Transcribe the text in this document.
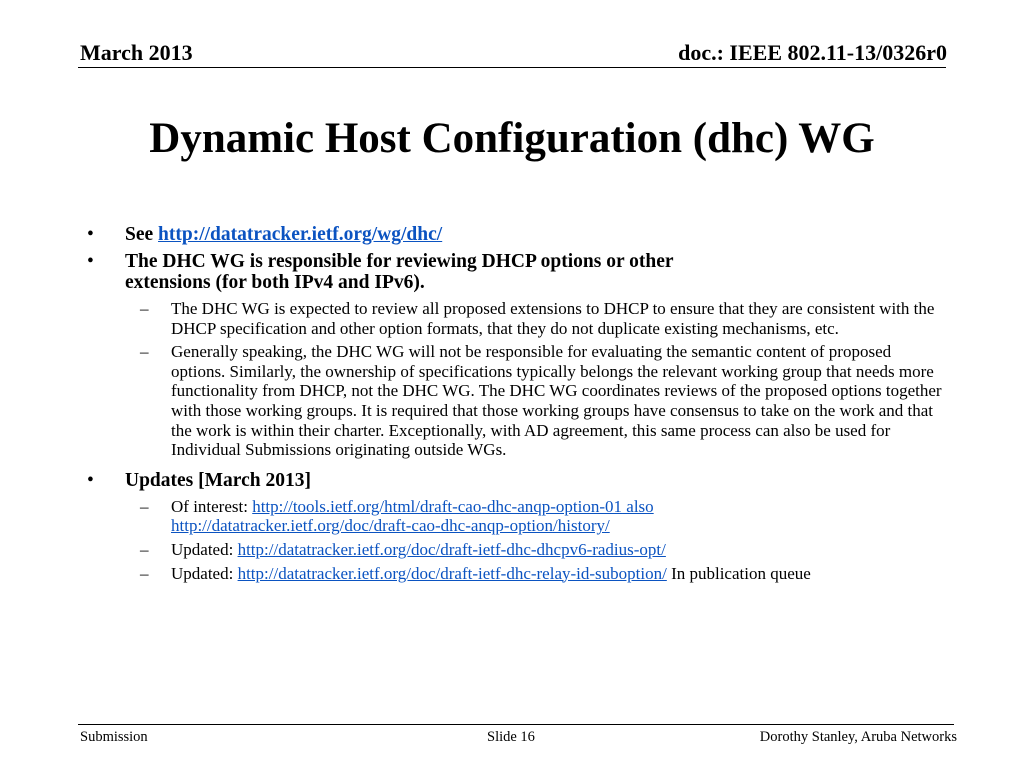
March 2013	doc.: IEEE 802.11-13/0326r0
Dynamic Host Configuration (dhc) WG
• See http://datatracker.ietf.org/wg/dhc/
• The DHC WG is responsible for reviewing DHCP options or other
extensions (for both IPv4 and IPv6).
– The DHC WG is expected to review all proposed extensions to DHCP to ensure that they are consistent with the DHCP specification and other option formats, that they do not duplicate existing mechanisms, etc.
– Generally speaking, the DHC WG will not be responsible for evaluating the semantic content of proposed options. Similarly, the ownership of specifications typically belongs the relevant working group that needs more functionality from DHCP, not the DHC WG. The DHC WG coordinates reviews of the proposed options together with those working groups. It is required that those working groups have consensus to take on the work and that the work is within their charter. Exceptionally, with AD agreement, this same process can also be used for Individual Submissions originating outside WGs.
• Updates [March 2013]
– Of interest: http://tools.ietf.org/html/draft-cao-dhc-anqp-option-01 also
http://datatracker.ietf.org/doc/draft-cao-dhc-anqp-option/history/
– Updated: http://datatracker.ietf.org/doc/draft-ietf-dhc-dhcpv6-radius-opt/
– Updated: http://datatracker.ietf.org/doc/draft-ietf-dhc-relay-id-suboption/ In publication queue
Submission	Slide 16	Dorothy Stanley, Aruba Networks
